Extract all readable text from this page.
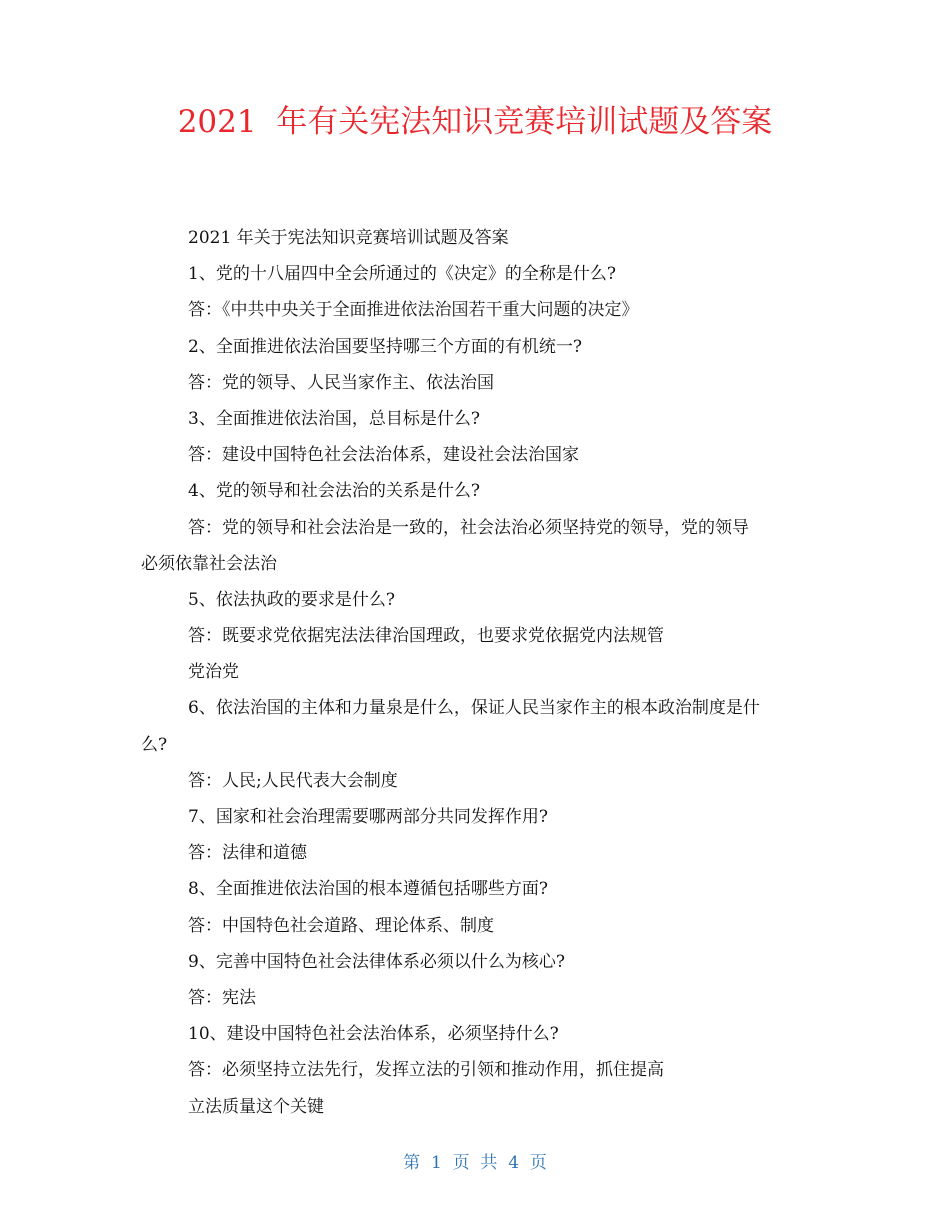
2021  年有关宪法知识竞赛培训试题及答案
2021 年关于宪法知识竞赛培训试题及答案
1、党的十八届四中全会所通过的《决定》的全称是什么?
答：《中共中央关于全面推进依法治国若干重大问题的决定》
2、全面推进依法治国要坚持哪三个方面的有机统一?
答：党的领导、人民当家作主、依法治国
3、全面推进依法治国，总目标是什么?
答：建设中国特色社会法治体系，建设社会法治国家
4、党的领导和社会法治的关系是什么?
答：党的领导和社会法治是一致的，社会法治必须坚持党的领导，党的领导
必须依靠社会法治
5、依法执政的要求是什么?
答：既要求党依据宪法法律治国理政，也要求党依据党内法规管
党治党
6、依法治国的主体和力量泉是什么，保证人民当家作主的根本政治制度是什
么?
答：人民;人民代表大会制度
7、国家和社会治理需要哪两部分共同发挥作用?
答：法律和道德
8、全面推进依法治国的根本遵循包括哪些方面?
答：中国特色社会道路、理论体系、制度
9、完善中国特色社会法律体系必须以什么为核心?
答：宪法
10、建设中国特色社会法治体系，必须坚持什么?
答：必须坚持立法先行，发挥立法的引领和推动作用，抓住提高
立法质量这个关键
第  1  页  共  4  页
